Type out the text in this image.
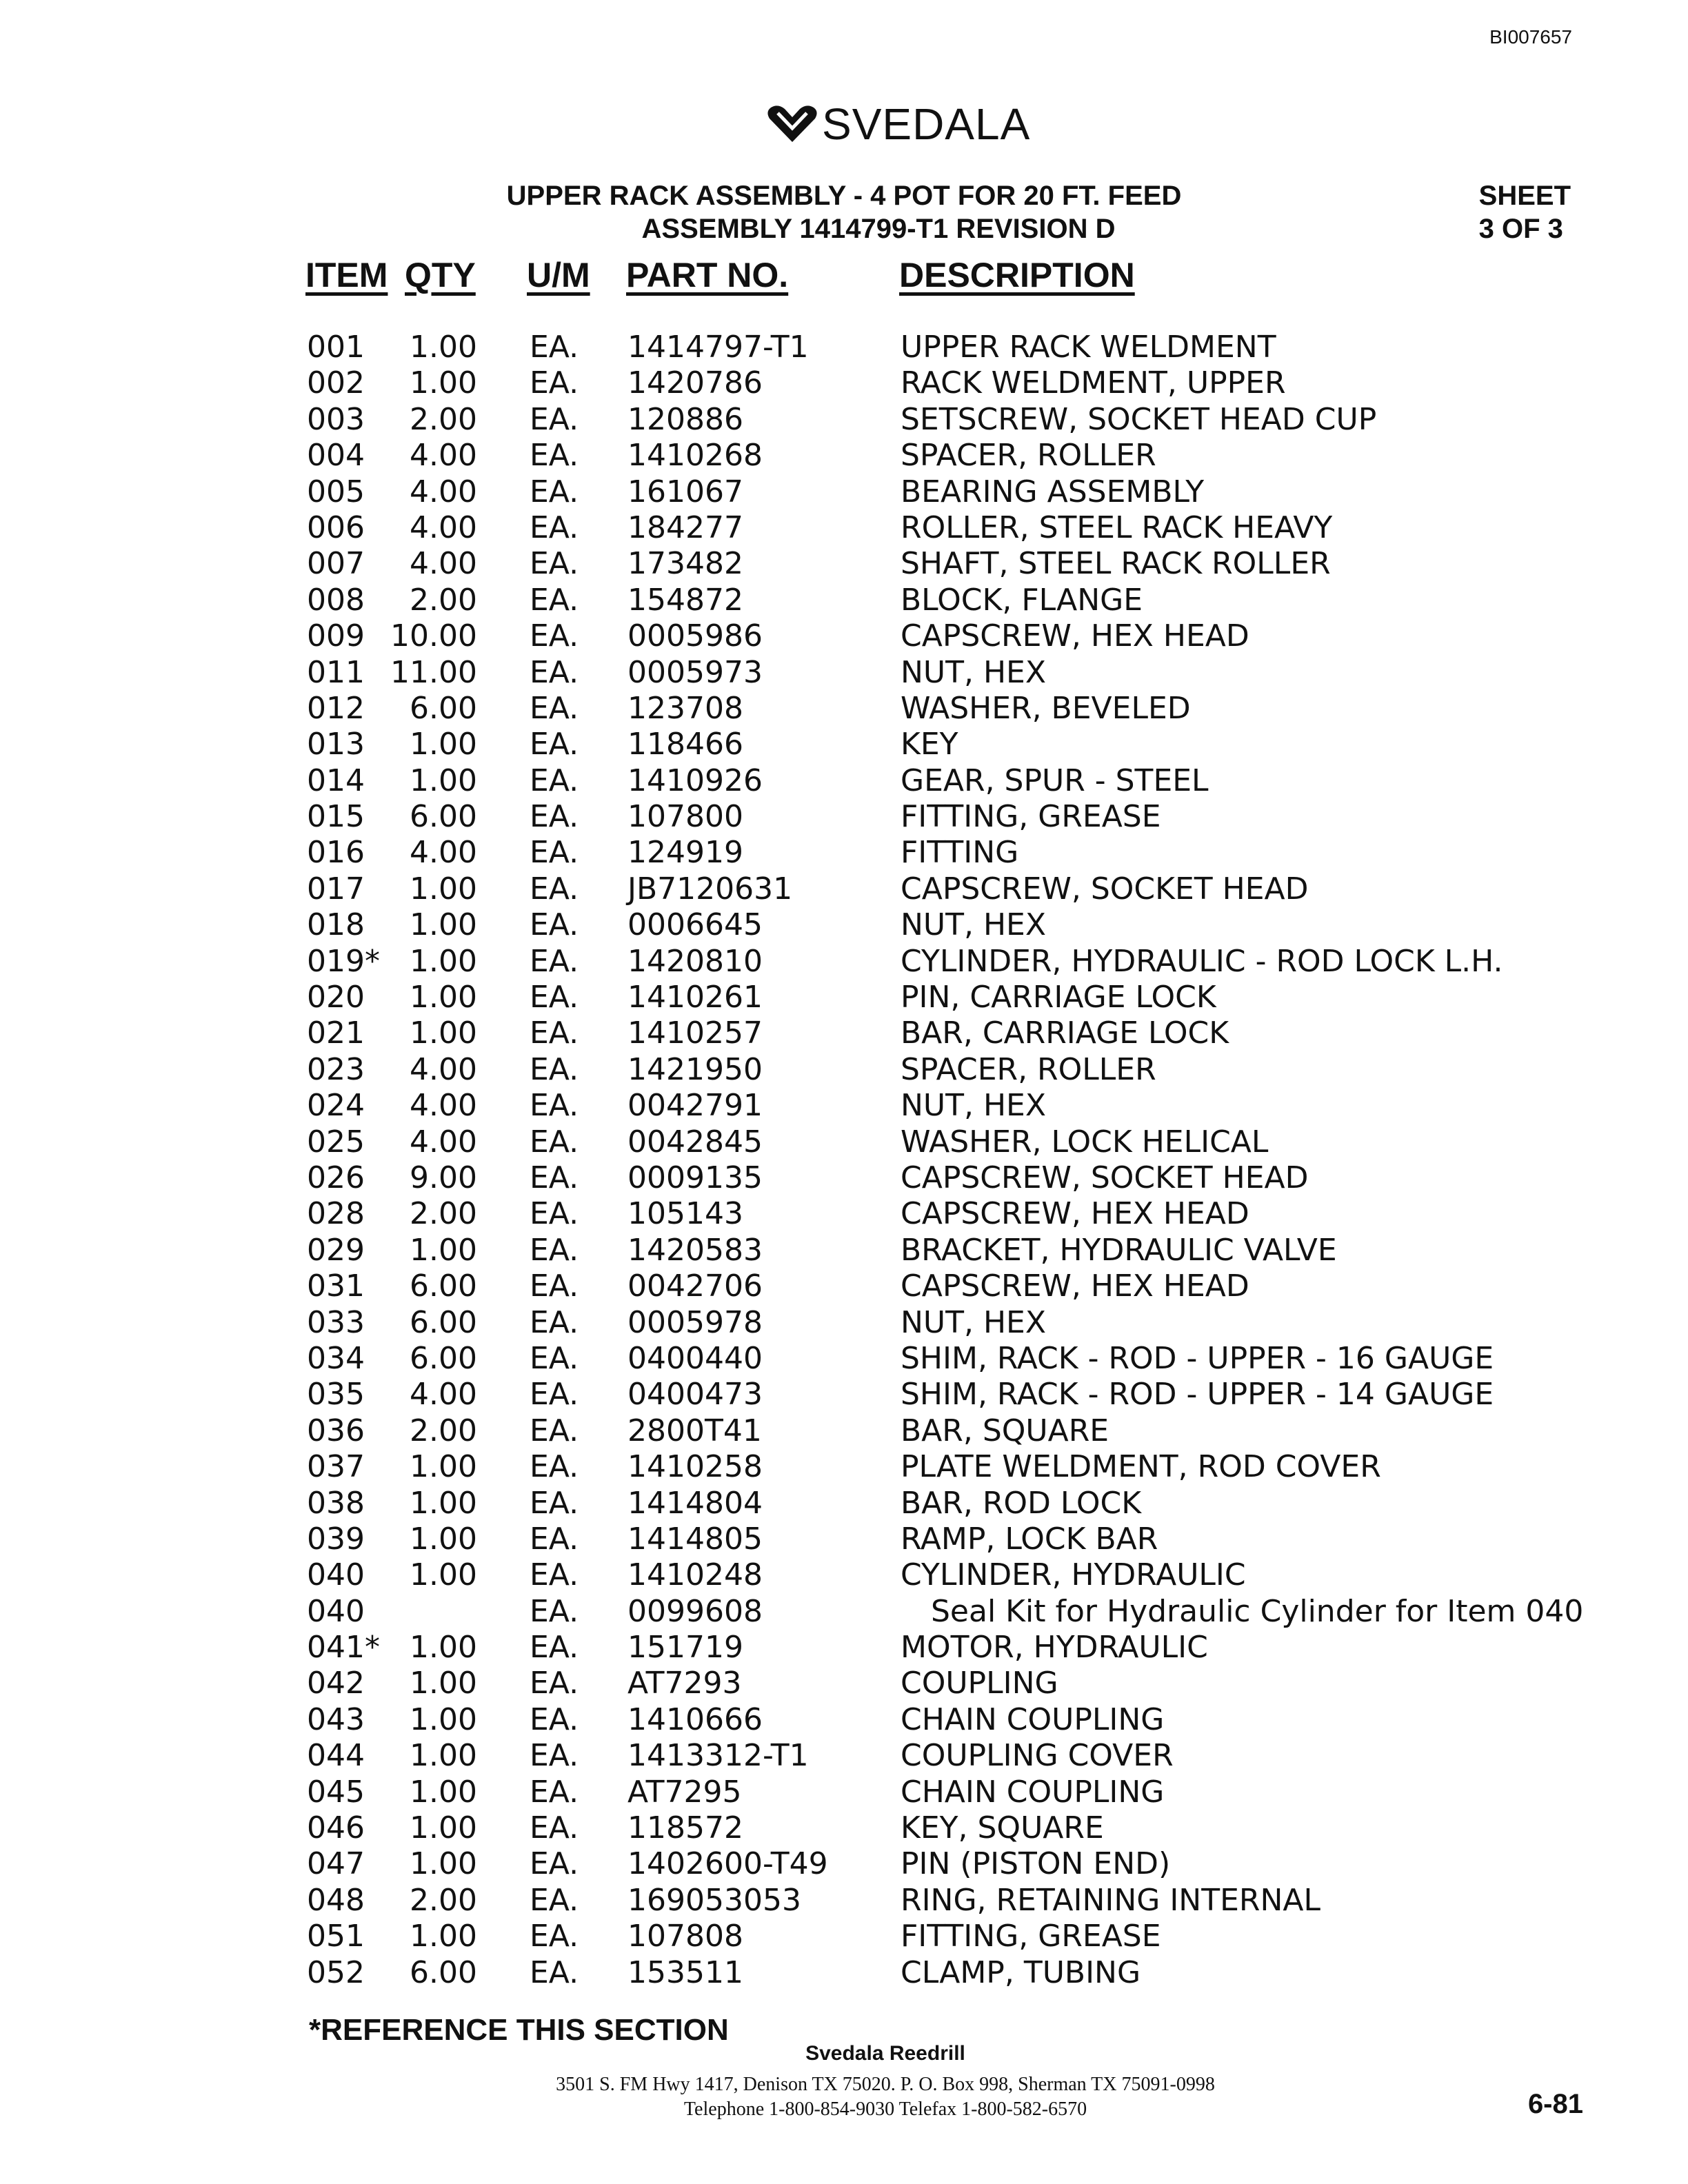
BI007657
SVEDALA
UPPER RACK ASSEMBLY - 4 POT FOR 20 FT. FEED
ASSEMBLY 1414799-T1 REVISION D
SHEET
3 OF 3
ITEM QTY U/M PART NO.	DESCRIPTION
001 1.00 EA. 1414797-T1	UPPER RACK WELDMENT
002 1.00 EA. 1420786	RACK WELDMENT, UPPER
003 2.00 EA. 120886	SETSCREW, SOCKET HEAD CUP
004 4.00 EA. 1410268	SPACER, ROLLER
005 4.00 EA. 161067	BEARING ASSEMBLY
006 4.00 EA. 184277	ROLLER, STEEL RACK HEAVY
007 4.00 EA. 173482	SHAFT, STEEL RACK ROLLER
008 2.00 EA. 154872	BLOCK, FLANGE
009 10.00 EA. 0005986	CAPSCREW, HEX HEAD
011 11.00 EA. 0005973	NUT, HEX
012 6.00 EA. 123708	WASHER, BEVELED
013 1.00 EA. 118466	KEY
014 1.00 EA. 1410926	GEAR, SPUR - STEEL
015 6.00 EA. 107800	FITTING, GREASE
016 4.00 EA. 124919	FITTING
017 1.00 EA. JB7120631	CAPSCREW, SOCKET HEAD
018 1.00 EA. 0006645	NUT, HEX
019* 1.00 EA. 1420810	CYLINDER, HYDRAULIC - ROD LOCK L.H.
020 1.00 EA. 1410261	PIN, CARRIAGE LOCK
021 1.00 EA. 1410257	BAR, CARRIAGE LOCK
023 4.00 EA. 1421950	SPACER, ROLLER
024 4.00 EA. 0042791	NUT, HEX
025 4.00 EA. 0042845	WASHER, LOCK HELICAL
026 9.00 EA. 0009135	CAPSCREW, SOCKET HEAD
028 2.00 EA. 105143	CAPSCREW, HEX HEAD
029 1.00 EA. 1420583	BRACKET, HYDRAULIC VALVE
031 6.00 EA. 0042706	CAPSCREW, HEX HEAD
033 6.00 EA. 0005978	NUT, HEX
034 6.00 EA. 0400440	SHIM, RACK - ROD - UPPER - 16 GAUGE
035 4.00 EA. 0400473	SHIM, RACK - ROD - UPPER - 14 GAUGE
036 2.00 EA. 2800T41	BAR, SQUARE
037 1.00 EA. 1410258	PLATE WELDMENT, ROD COVER
038 1.00 EA. 1414804	BAR, ROD LOCK
039 1.00 EA. 1414805	RAMP, LOCK BAR
040 1.00 EA. 1410248	CYLINDER, HYDRAULIC
040	EA. 0099608	Seal Kit for Hydraulic Cylinder for Item 040
041* 1.00 EA. 151719	MOTOR, HYDRAULIC
042 1.00 EA. AT7293	COUPLING
043 1.00 EA. 1410666	CHAIN COUPLING
044 1.00 EA. 1413312-T1	COUPLING COVER
045 1.00 EA. AT7295	CHAIN COUPLING
046 1.00 EA. 118572	KEY, SQUARE
047 1.00 EA. 1402600-T49 PIN (PISTON END)
048 2.00 EA. 169053053	RING, RETAINING INTERNAL
051 1.00 EA. 107808	FITTING, GREASE
052 6.00 EA. 153511	CLAMP, TUBING
*REFERENCE THIS SECTION
Svedala Reedrill
3501 S. FM Hwy 1417, Denison TX 75020. P. O. Box 998, Sherman TX 75091-0998
Telephone 1-800-854-9030 Telefax 1-800-582-6570	6-81
